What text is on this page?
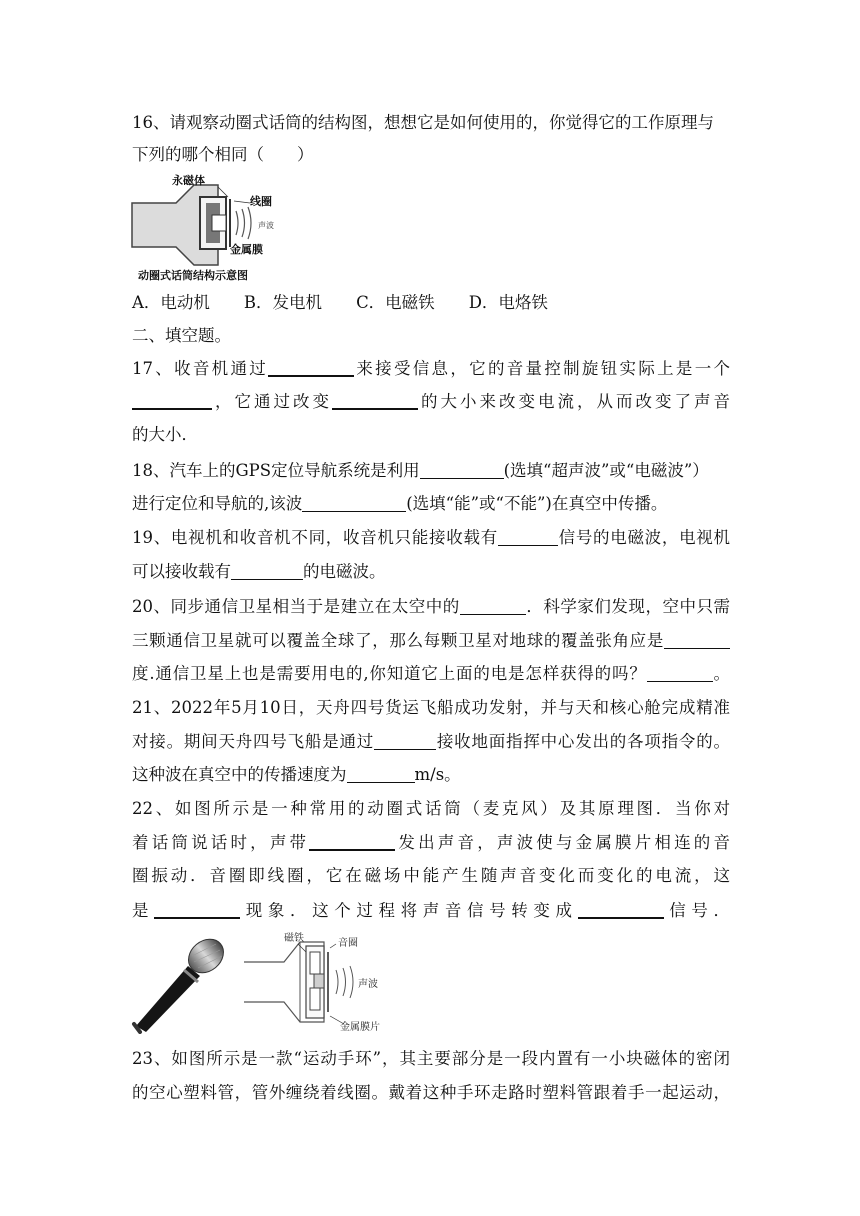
16、请观察动圈式话筒的结构图，想想它是如何使用的，你觉得它的工作原理与
下列的哪个相同（　　）
永磁体
线圈
声波
金属膜
动圈式话筒结构示意图
A．电动机 B．发电机 C．电磁铁 D．电烙铁
二、填空题。
17、收音机通过	来接受信息，它的音量控制旋钮实际上是一个
，它通过改变	的大小来改变电流，从而改变了声音
的大小．
18、汽车上的GPS定位导航系统是利用	(选填“超声波”或“电磁波”）
进行定位和导航的,该波	(选填“能”或“不能”)在真空中传播。
19、电视机和收音机不同，收音机只能接收载有	信号的电磁波，电视机
可以接收载有	的电磁波。
20、同步通信卫星相当于是建立在太空中的	．科学家们发现，空中只需
三颗通信卫星就可以覆盖全球了，那么每颗卫星对地球的覆盖张角应是
度.通信卫星上也是需要用电的,你知道它上面的电是怎样获得的吗？	。
21、2022年5月10日，天舟四号货运飞船成功发射，并与天和核心舱完成精准
对接。期间天舟四号飞船是通过	接收地面指挥中心发出的各项指令的。
这种波在真空中的传播速度为	m/s。
22、如图所示是一种常用的动圈式话筒（麦克风）及其原理图．当你对
着话筒说话时，声带	发出声音，声波使与金属膜片相连的音
圈振动．音圈即线圈，它在磁场中能产生随声音变化而变化的电流，这
是	现象．这个过程将声音信号转变成	信号．
磁铁	音圈
声波
金属膜片
23、如图所示是一款“运动手环”，其主要部分是一段内置有一小块磁体的密闭
的空心塑料管，管外缠绕着线圈。戴着这种手环走路时塑料管跟着手一起运动，
